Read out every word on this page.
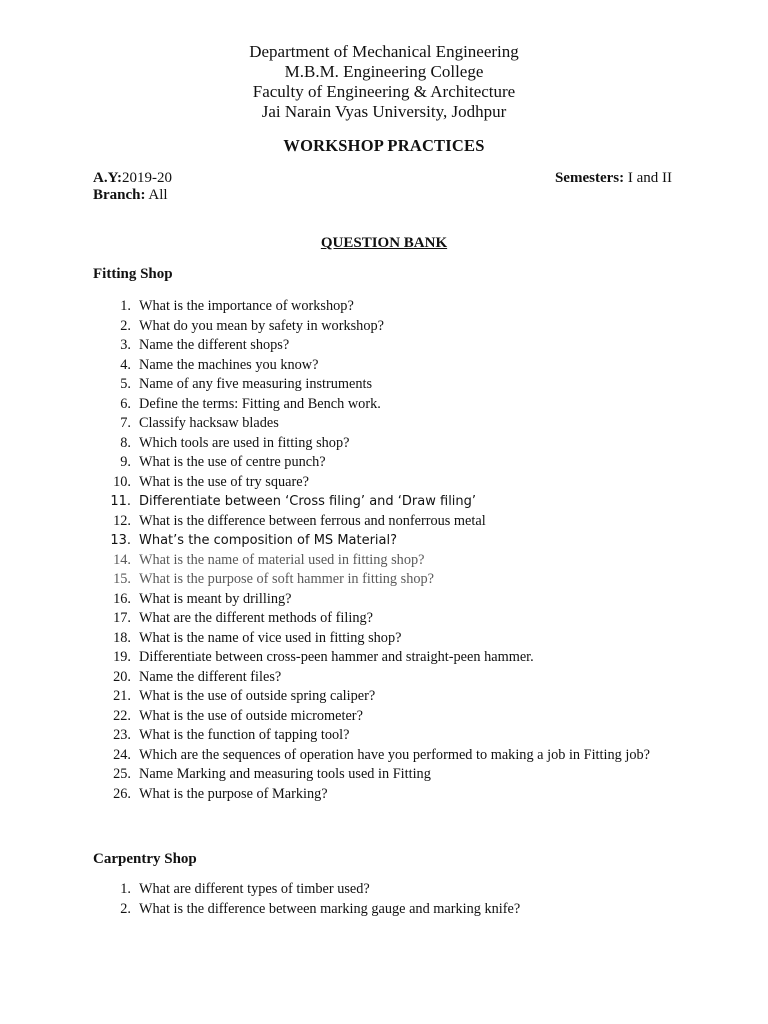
Department of Mechanical Engineering
M.B.M. Engineering College
Faculty of Engineering & Architecture
Jai Narain Vyas University, Jodhpur
WORKSHOP PRACTICES
A.Y:2019-20
Branch: All
Semesters: I and II
QUESTION BANK
Fitting Shop
1. What is the importance of workshop?
2. What do you mean by safety in workshop?
3. Name the different shops?
4. Name the machines you know?
5. Name of any five measuring instruments
6. Define the terms: Fitting and Bench work.
7. Classify hacksaw blades
8. Which tools are used in fitting shop?
9. What is the use of centre punch?
10. What is the use of try square?
11. Differentiate between ‘Cross filing’ and ‘Draw filing’
12. What is the difference between ferrous and nonferrous metal
13. What’s the composition of MS Material?
14. What is the name of material used in fitting shop?
15. What is the purpose of soft hammer in fitting shop?
16. What is meant by drilling?
17. What are the different methods of filing?
18. What is the name of vice used in fitting shop?
19. Differentiate between cross-peen hammer and straight-peen hammer.
20. Name the different files?
21. What is the use of outside spring caliper?
22. What is the use of outside micrometer?
23. What is the function of tapping tool?
24. Which are the sequences of operation have you performed to making a job in Fitting job?
25. Name Marking and measuring tools used in Fitting
26. What is the purpose of Marking?
Carpentry Shop
1. What are different types of timber used?
2. What is the difference between marking gauge and marking knife?
